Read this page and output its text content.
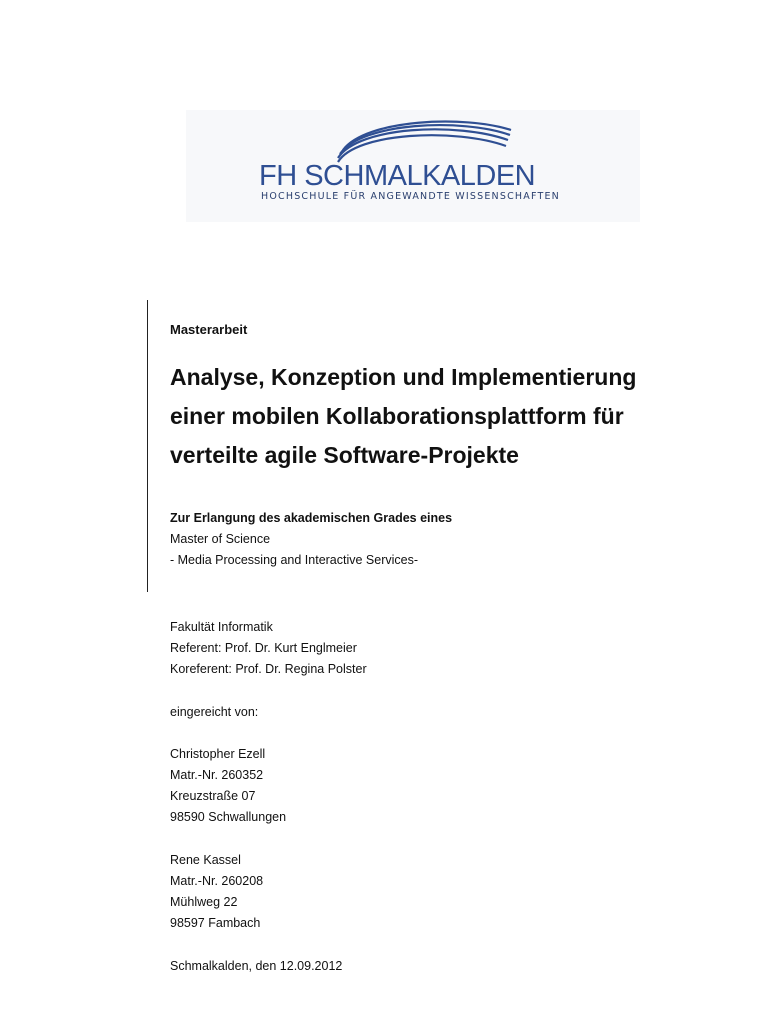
FH SCHMALKALDEN
HOCHSCHULE FÜR ANGEWANDTE WISSENSCHAFTEN
Masterarbeit
Analyse, Konzeption und Implementierung
einer mobilen Kollaborationsplattform für
verteilte agile Software-Projekte
Zur Erlangung des akademischen Grades eines
Master of Science
- Media Processing and Interactive Services-
Fakultät Informatik
Referent: Prof. Dr. Kurt Englmeier
Koreferent: Prof. Dr. Regina Polster
eingereicht von:
Christopher Ezell
Matr.-Nr. 260352
Kreuzstraße 07
98590 Schwallungen
Rene Kassel
Matr.-Nr. 260208
Mühlweg 22
98597 Fambach
Schmalkalden, den 12.09.2012
